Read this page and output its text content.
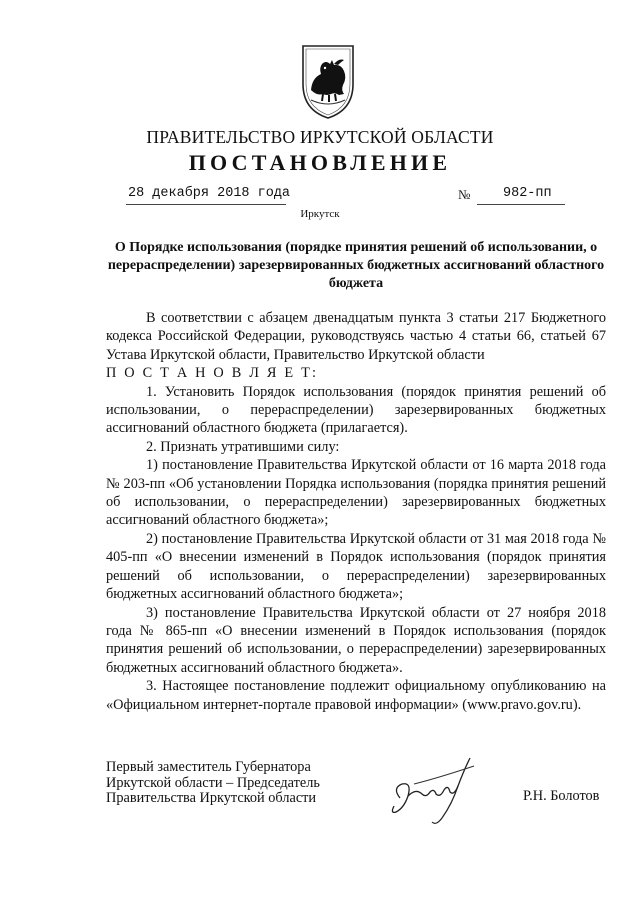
ПРАВИТЕЛЬСТВО ИРКУТСКОЙ ОБЛАСТИ
ПОСТАНОВЛЕНИЕ
28 декабря 2018 года	№ 982-пп
Иркутск
О Порядке использования (порядке принятия решений об использовании, о перераспределении) зарезервированных бюджетных ассигнований областного бюджета

В соответствии с абзацем двенадцатым пункта 3 статьи 217 Бюджетного кодекса Российской Федерации, руководствуясь частью 4 статьи 66, статьей 67 Устава Иркутской области, Правительство Иркутской области

П О С Т А Н О В Л Я Е Т:

1. Установить Порядок использования (порядок принятия решений об использовании, о перераспределении) зарезервированных бюджетных ассигнований областного бюджета (прилагается).

2. Признать утратившими силу:

1) постановление Правительства Иркутской области от 16 марта 2018 года № 203-пп «Об установлении Порядка использования (порядка принятия решений об использовании, о перераспределении) зарезервированных бюджетных ассигнований областного бюджета»;

2) постановление Правительства Иркутской области от 31 мая 2018 года № 405-пп «О внесении изменений в Порядок использования (порядок принятия решений об использовании, о перераспределении) зарезервированных бюджетных ассигнований областного бюджета»;

3) постановление Правительства Иркутской области от 27 ноября 2018 года № 865-пп «О внесении изменений в Порядок использования (порядок принятия решений об использовании, о перераспределении) зарезервированных бюджетных ассигнований областного бюджета».

3. Настоящее постановление подлежит официальному опубликованию на «Официальном интернет-портале правовой информации» (www.pravo.gov.ru).

Первый заместитель Губернатора
Иркутской области – Председатель
Правительства Иркутской области	Р.Н. Болотов
